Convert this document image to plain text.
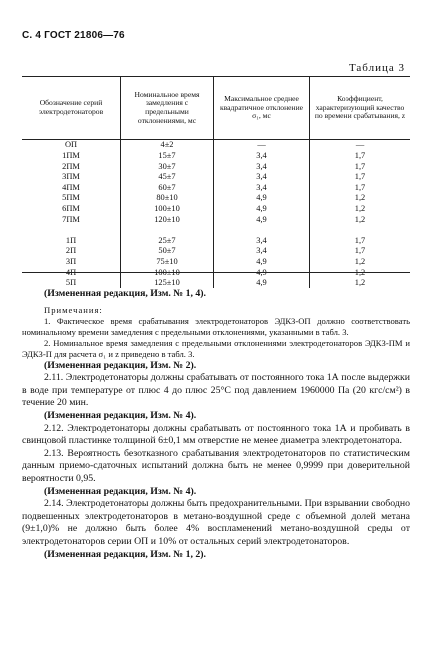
С. 4 ГОСТ 21806—76
Таблица 3
Обозначение серий электродетонаторов	Номинальное время замедления с предельными отклонениями, мс	Максимальное среднее квадратичное отклонение σ₁, мс	Коэффициент, характеризующий качество по времени срабатывания, z
ОП	4±2	—	—
1ПМ	15±7	3,4	1,7
2ПМ	30±7	3,4	1,7
3ПМ	45±7	3,4	1,7
4ПМ	60±7	3,4	1,7
5ПМ	80±10	4,9	1,2
6ПМ	100±10	4,9	1,2
7ПМ	120±10	4,9	1,2

1П	25±7	3,4	1,7
2П	50±7	3,4	1,7
3П	75±10	4,9	1,2
4П	100±10	4,9	1,2
5П	125±10	4,9	1,2

(Измененная редакция, Изм. № 1, 4).

Примечания:

1. Фактическое время срабатывания электродетонаторов ЭДКЗ-ОП должно соответствовать номинальному времени замедления с предельными отклонениями, указанными в табл. 3.

2. Номинальное время замедления с предельными отклонениями электродетонаторов ЭДКЗ-ПМ и ЭДКЗ-П для расчета σ₁ и z приведено в табл. 3.

(Измененная редакция, Изм. № 2).

2.11. Электродетонаторы должны срабатывать от постоянного тока 1А после выдержки в воде при температуре от плюс 4 до плюс 25°С под давлением 1960000 Па (20 кгс/см²) в течение 20 мин.

(Измененная редакция, Изм. № 4).

2.12. Электродетонаторы должны срабатывать от постоянного тока 1А и пробивать в свинцовой пластинке толщиной 6±0,1 мм отверстие не менее диаметра электродетонатора.

2.13. Вероятность безотказного срабатывания электродетонаторов по статистическим данным приемо-сдаточных испытаний должна быть не менее 0,9999 при доверительной вероятности 0,95.

(Измененная редакция, Изм. № 4).

2.14. Электродетонаторы должны быть предохранительными. При взрывании свободно подвешенных электродетонаторов в метано-воздушной среде с объемной долей метана (9±1,0)% не должно быть более 4% воспламенений метано-воздушной среды от электродетонаторов серии ОП и 10% от остальных серий электродетонаторов.

(Измененная редакция, Изм. № 1, 2).
